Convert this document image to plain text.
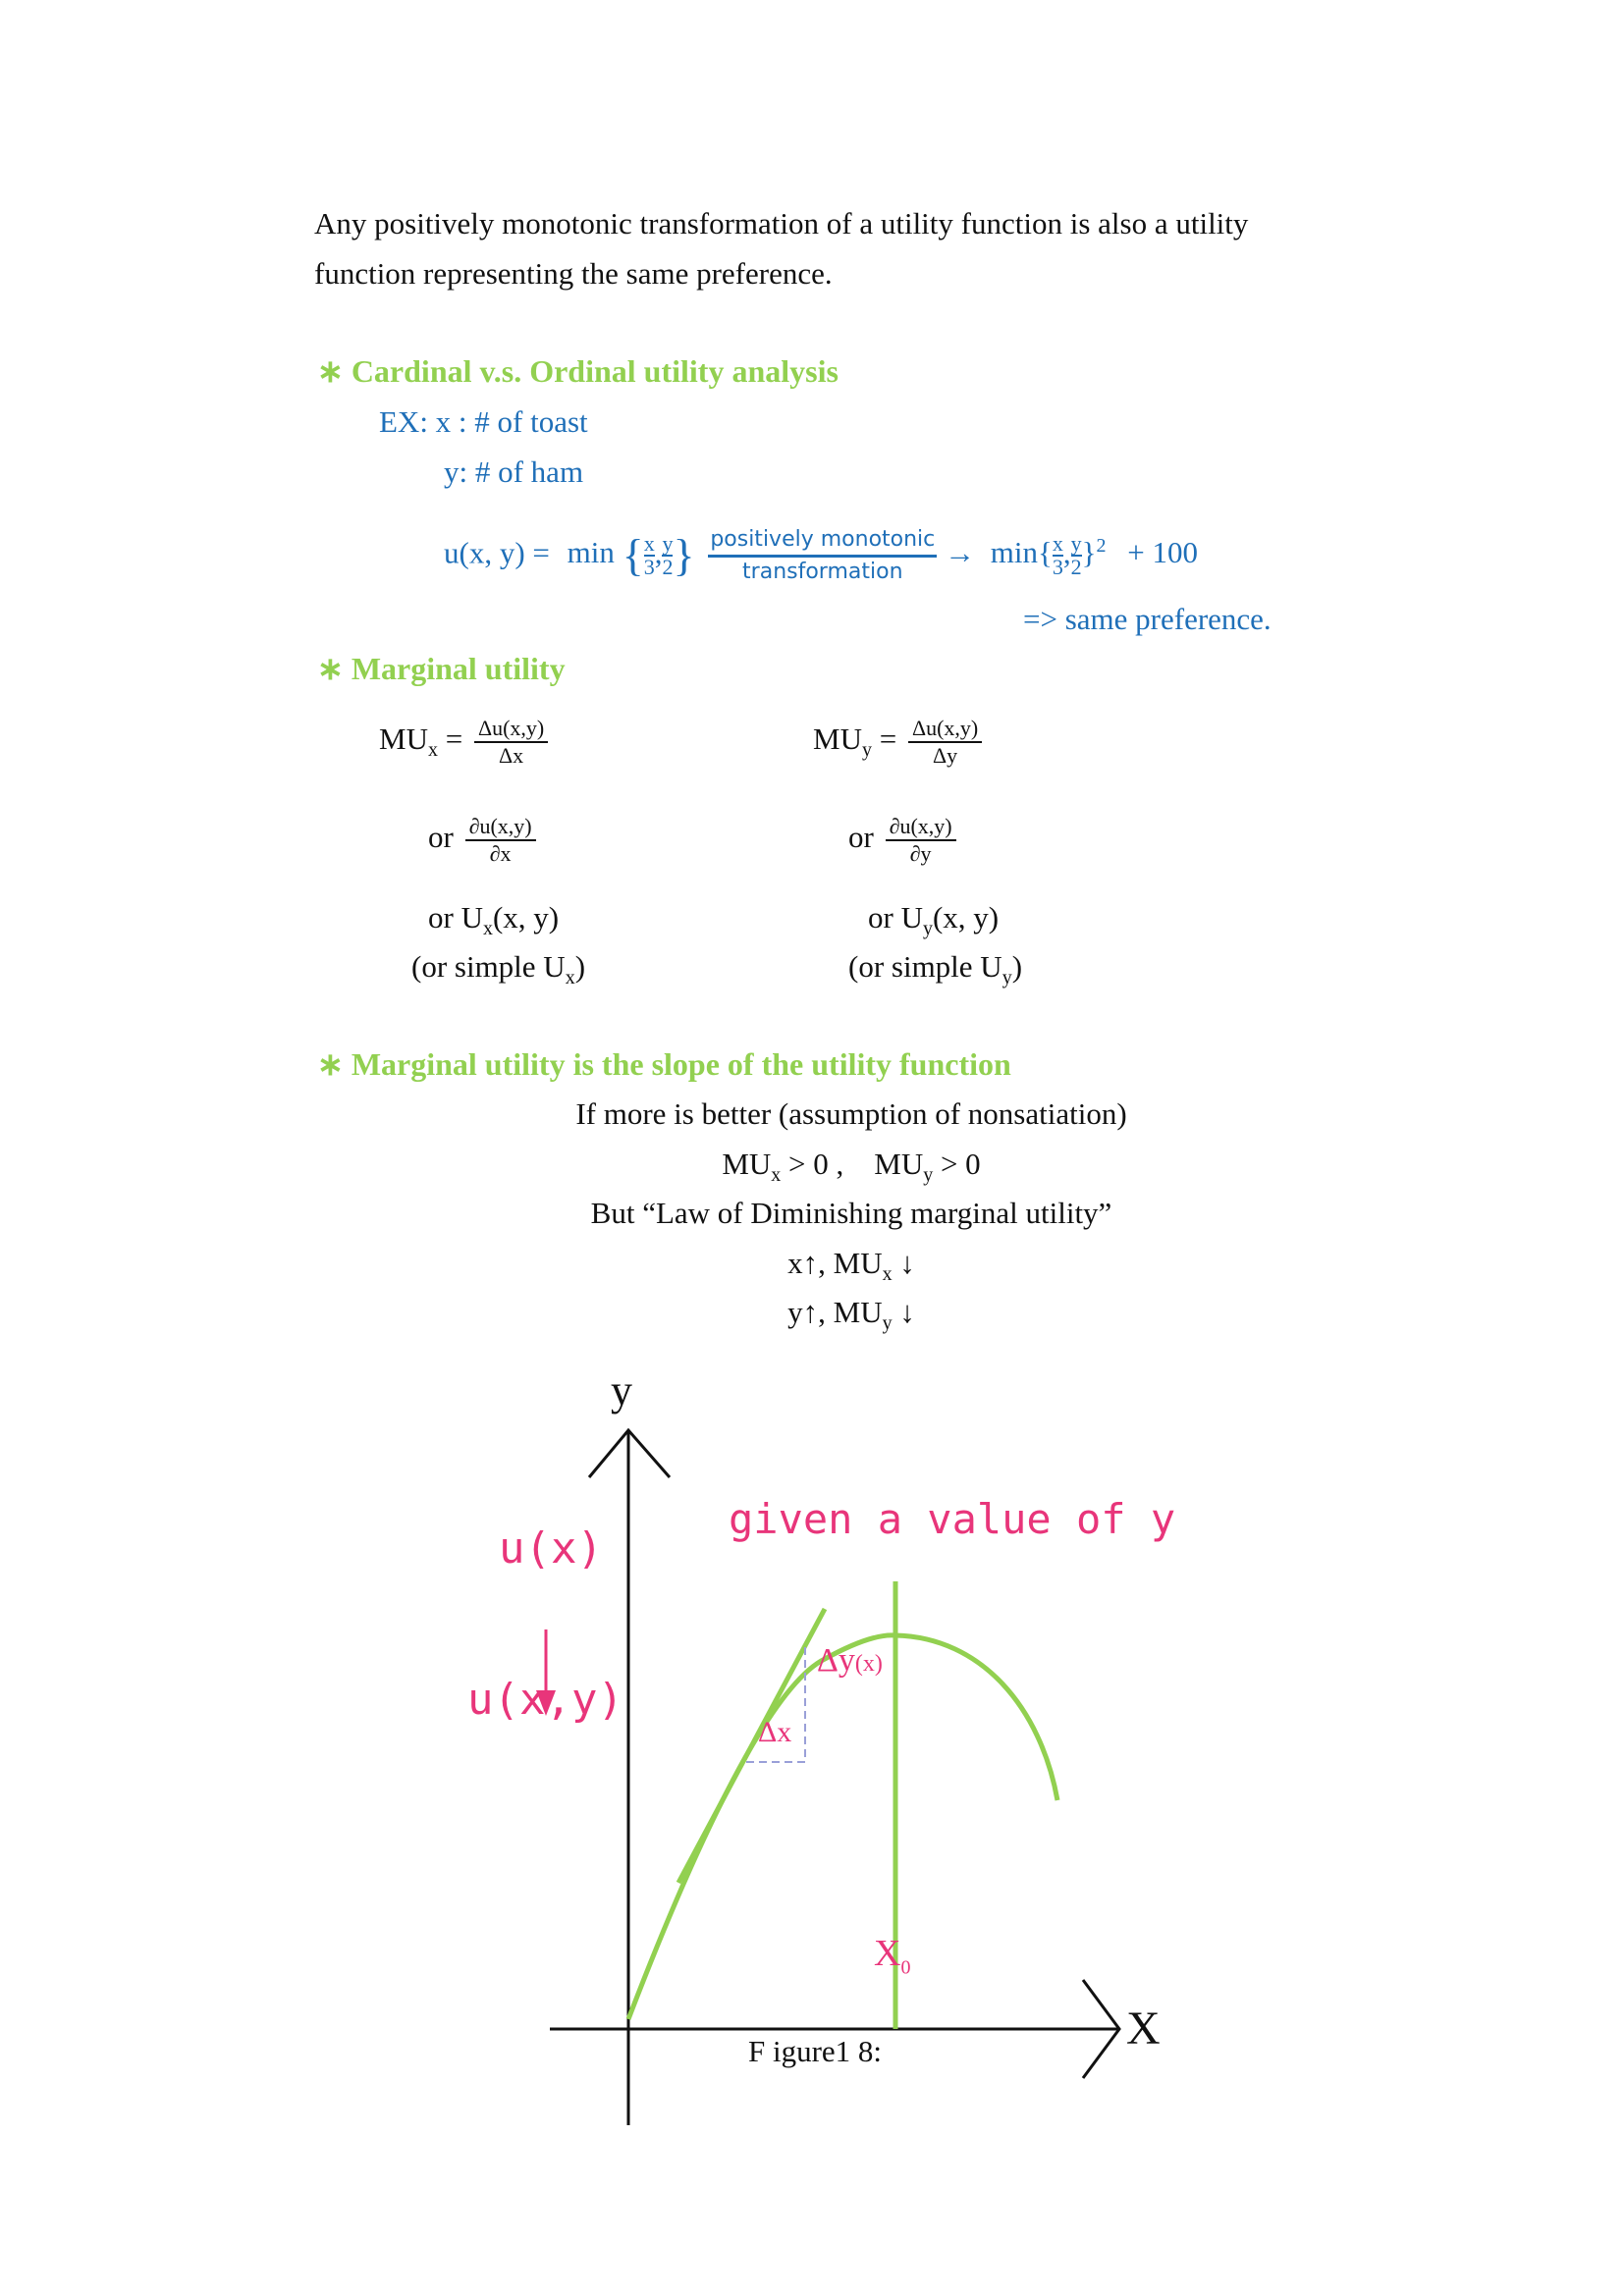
Any positively monotonic transformation of a utility function is also a utility
function representing the same preference.
∗ Cardinal v.s. Ordinal utility analysis
EX: x : # of toast
y: # of ham
u(x, y) = min { $\frac{x}{3}$ , $\frac{y}{2}$ } positively monotonic
transformation
→ $\min\{ \frac{x}{3}$ , $\frac{y}{2} \}^2 + 100$
=> same preference.
∗ Marginal utility
$MU_x = \frac{\Delta u(x,y)}{\Delta x}$
or $\frac{\partial u(x,y)}{\partial x}$
or $U_x(x$, y)
(or simple $U_x$)
$MU_y = \frac{\Delta u(x,y)}{\Delta y}$
or $\frac{\partial u(x,y)}{\partial y}$
or $U_y(x$, y)
(or simple $U_y$)
∗ Marginal utility is the slope of the utility function
If more is better (assumption of nonsatiation)
$MU_x > 0$ ,    $MU_y > 0$
But “Law of Diminishing marginal utility”
x↑, $MU_x$ ↓
y↑, $MU_y$ ↓
y
X
given a value of y
u(x)
u(x,y)
Δy(x)
Δx
$X_0$
F igure1 8:
